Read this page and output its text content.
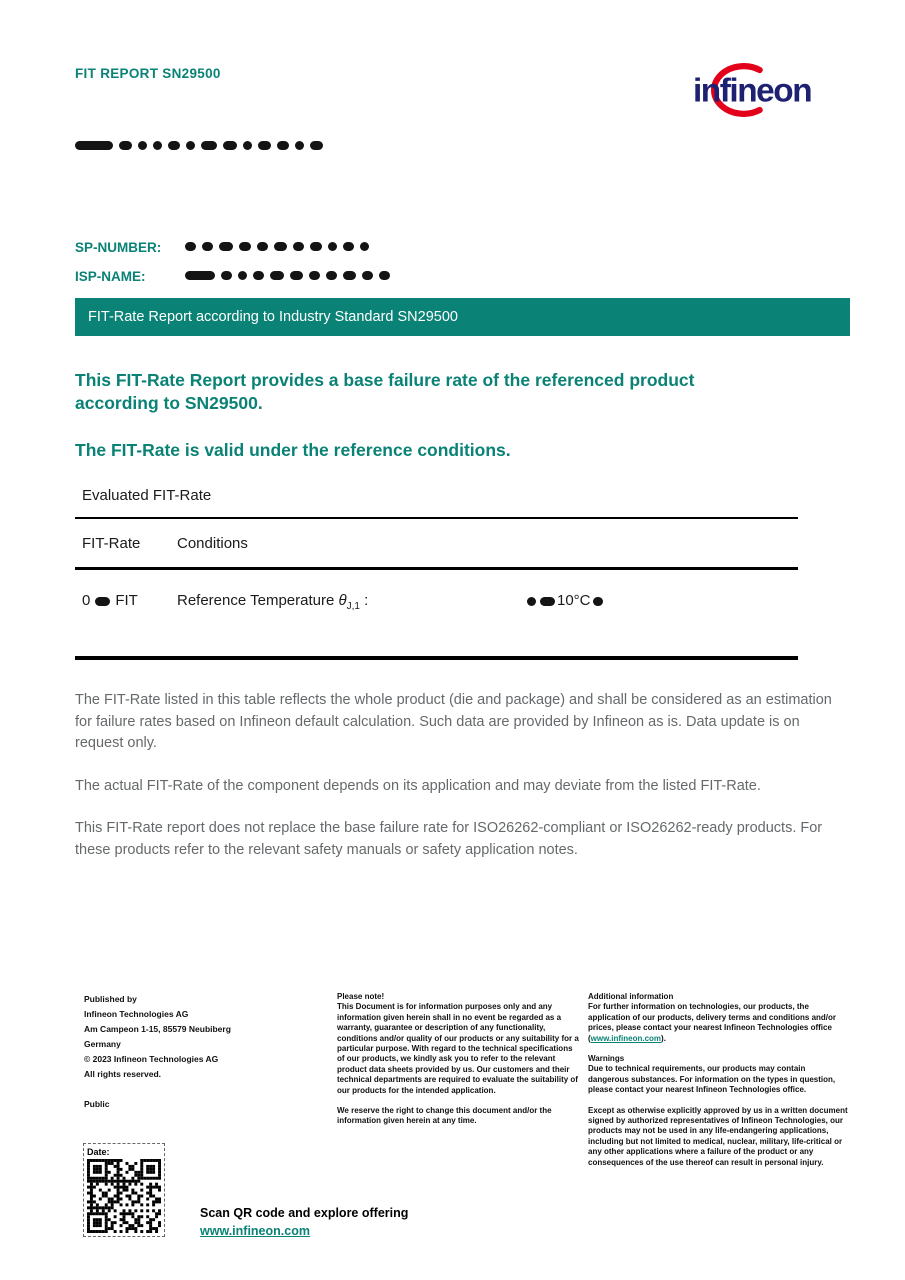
FIT REPORT SN29500	infineon
SP-NUMBER:
ISP-NAME:
FIT-Rate Report according to Industry Standard SN29500
This FIT-Rate Report provides a base failure rate of the referenced product according to SN29500.
The FIT-Rate is valid under the reference conditions.
Evaluated FIT-Rate
FIT-Rate	Conditions
0 FIT	Reference Temperature $\theta_{J,1}$ :	10°C

The FIT-Rate listed in this table reflects the whole product (die and package) and shall be considered as an estimation for failure rates based on Infineon default calculation. Such data are provided by Infineon as is. Data update is on request only.

The actual FIT-Rate of the component depends on its application and may deviate from the listed FIT-Rate.

This FIT-Rate report does not replace the base failure rate for ISO26262-compliant or ISO26262-ready products. For these products refer to the relevant safety manuals or safety application notes.

Published by
Infineon Technologies AG
Am Campeon 1-15, 85579 Neubiberg
Germany
© 2023 Infineon Technologies AG
All rights reserved.
Public
Please note!
This Document is for information purposes only and any information given herein shall in no event be regarded as a warranty, guarantee or description of any functionality, conditions and/or quality of our products or any suitability for a particular purpose. With regard to the technical specifications of our products, we kindly ask you to refer to the relevant product data sheets provided by us. Our customers and their technical departments are required to evaluate the suitability of our products for the intended application.
We reserve the right to change this document and/or the information given herein at any time.
Additional information
For further information on technologies, our products, the application of our products, delivery terms and conditions and/or prices, please contact your nearest Infineon Technologies office (www.infineon.com).
Warnings
Due to technical requirements, our products may contain dangerous substances. For information on the types in question, please contact your nearest Infineon Technologies office.
Except as otherwise explicitly approved by us in a written document signed by authorized representatives of Infineon Technologies, our products may not be used in any life-endangering applications, including but not limited to medical, nuclear, military, life-critical or any other applications where a failure of the product or any consequences of the use thereof can result in personal injury.
Date:
Scan QR code and explore offering
www.infineon.com
